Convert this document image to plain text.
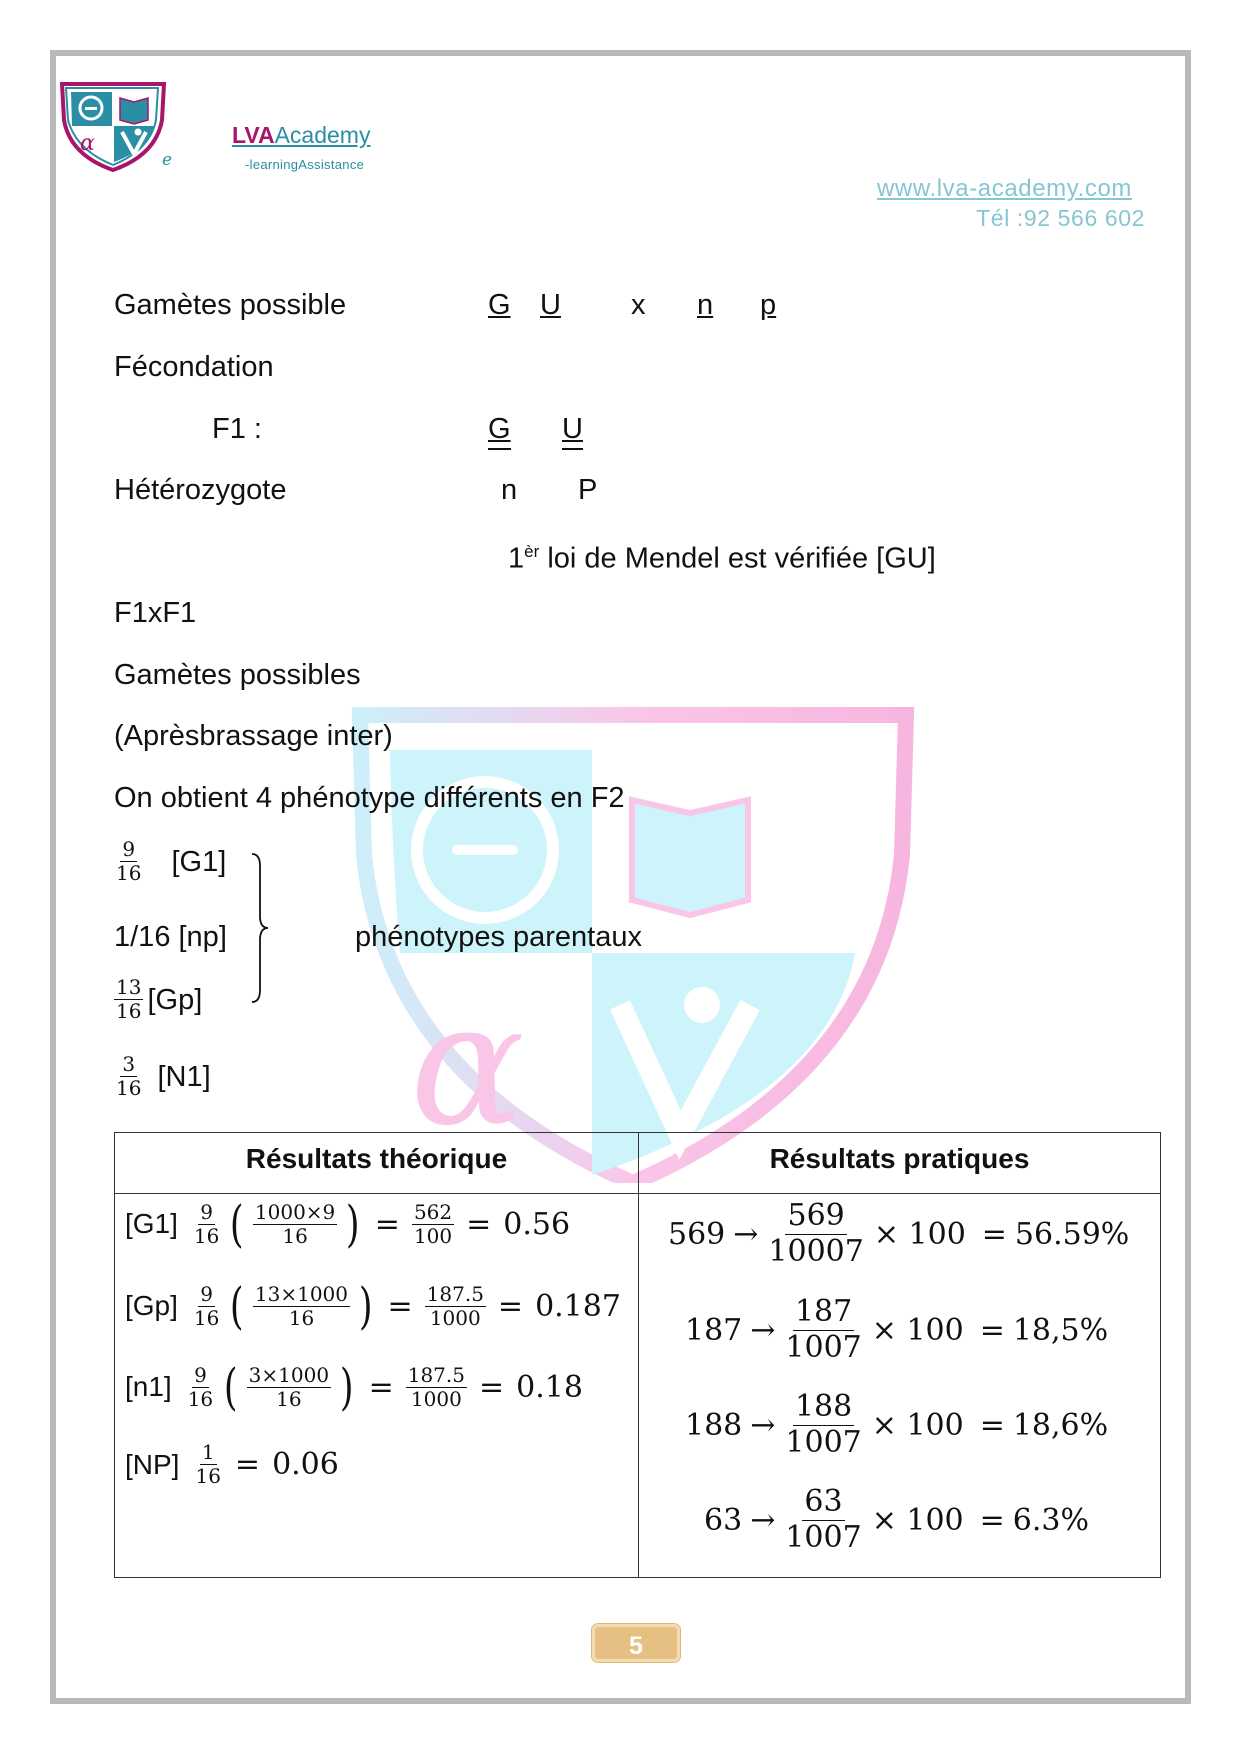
α
e
LVAAcademy
-learningAssistance
www.lva-academy.com
Tél :92 566 602
α
Gamètes possible	G U x n p
Fécondation
F1 :	G U
Hétérozygote	n P
$1^{èr}$ loi de Mendel est vérifiée [GU]
F1xF1
Gamètes possibles
(Aprèsbrassage inter)
On obtient 4 phénotype différents en F2
$\frac{9}{16} [G1]$
1/16 [np]
$\frac{13}{16} [Gp]$
$\frac{3}{16} [N1]$
phénotypes parentaux
Résultats théorique	Résultats pratiques
$[G1] \frac{9}{16}$ ( $\frac{1000\times 9}{16}$ ) = $\frac{562}{100} = 0.56$
$[Gp] \frac{9}{16}$ ( $\frac{13\times 1000}{16}$ ) = $\frac{187.5}{1000} = 0.187$
$[n1] \frac{9}{16}$ ( $\frac{3\times 1000}{16}$ ) = $\frac{187.5}{1000} = 0.18$
$[NP] \frac{1}{16} = 0.06$
$569 \to \frac{569}{10007} \times 100 = 56.59\%$
$187 \to \frac{187}{1007} \times 100 = 18,5\%$
$188 \to \frac{188}{1007} \times 100 = 18,6\%$
$63 \to \frac{63}{1007} \times 100 = 6.3\%$
5
